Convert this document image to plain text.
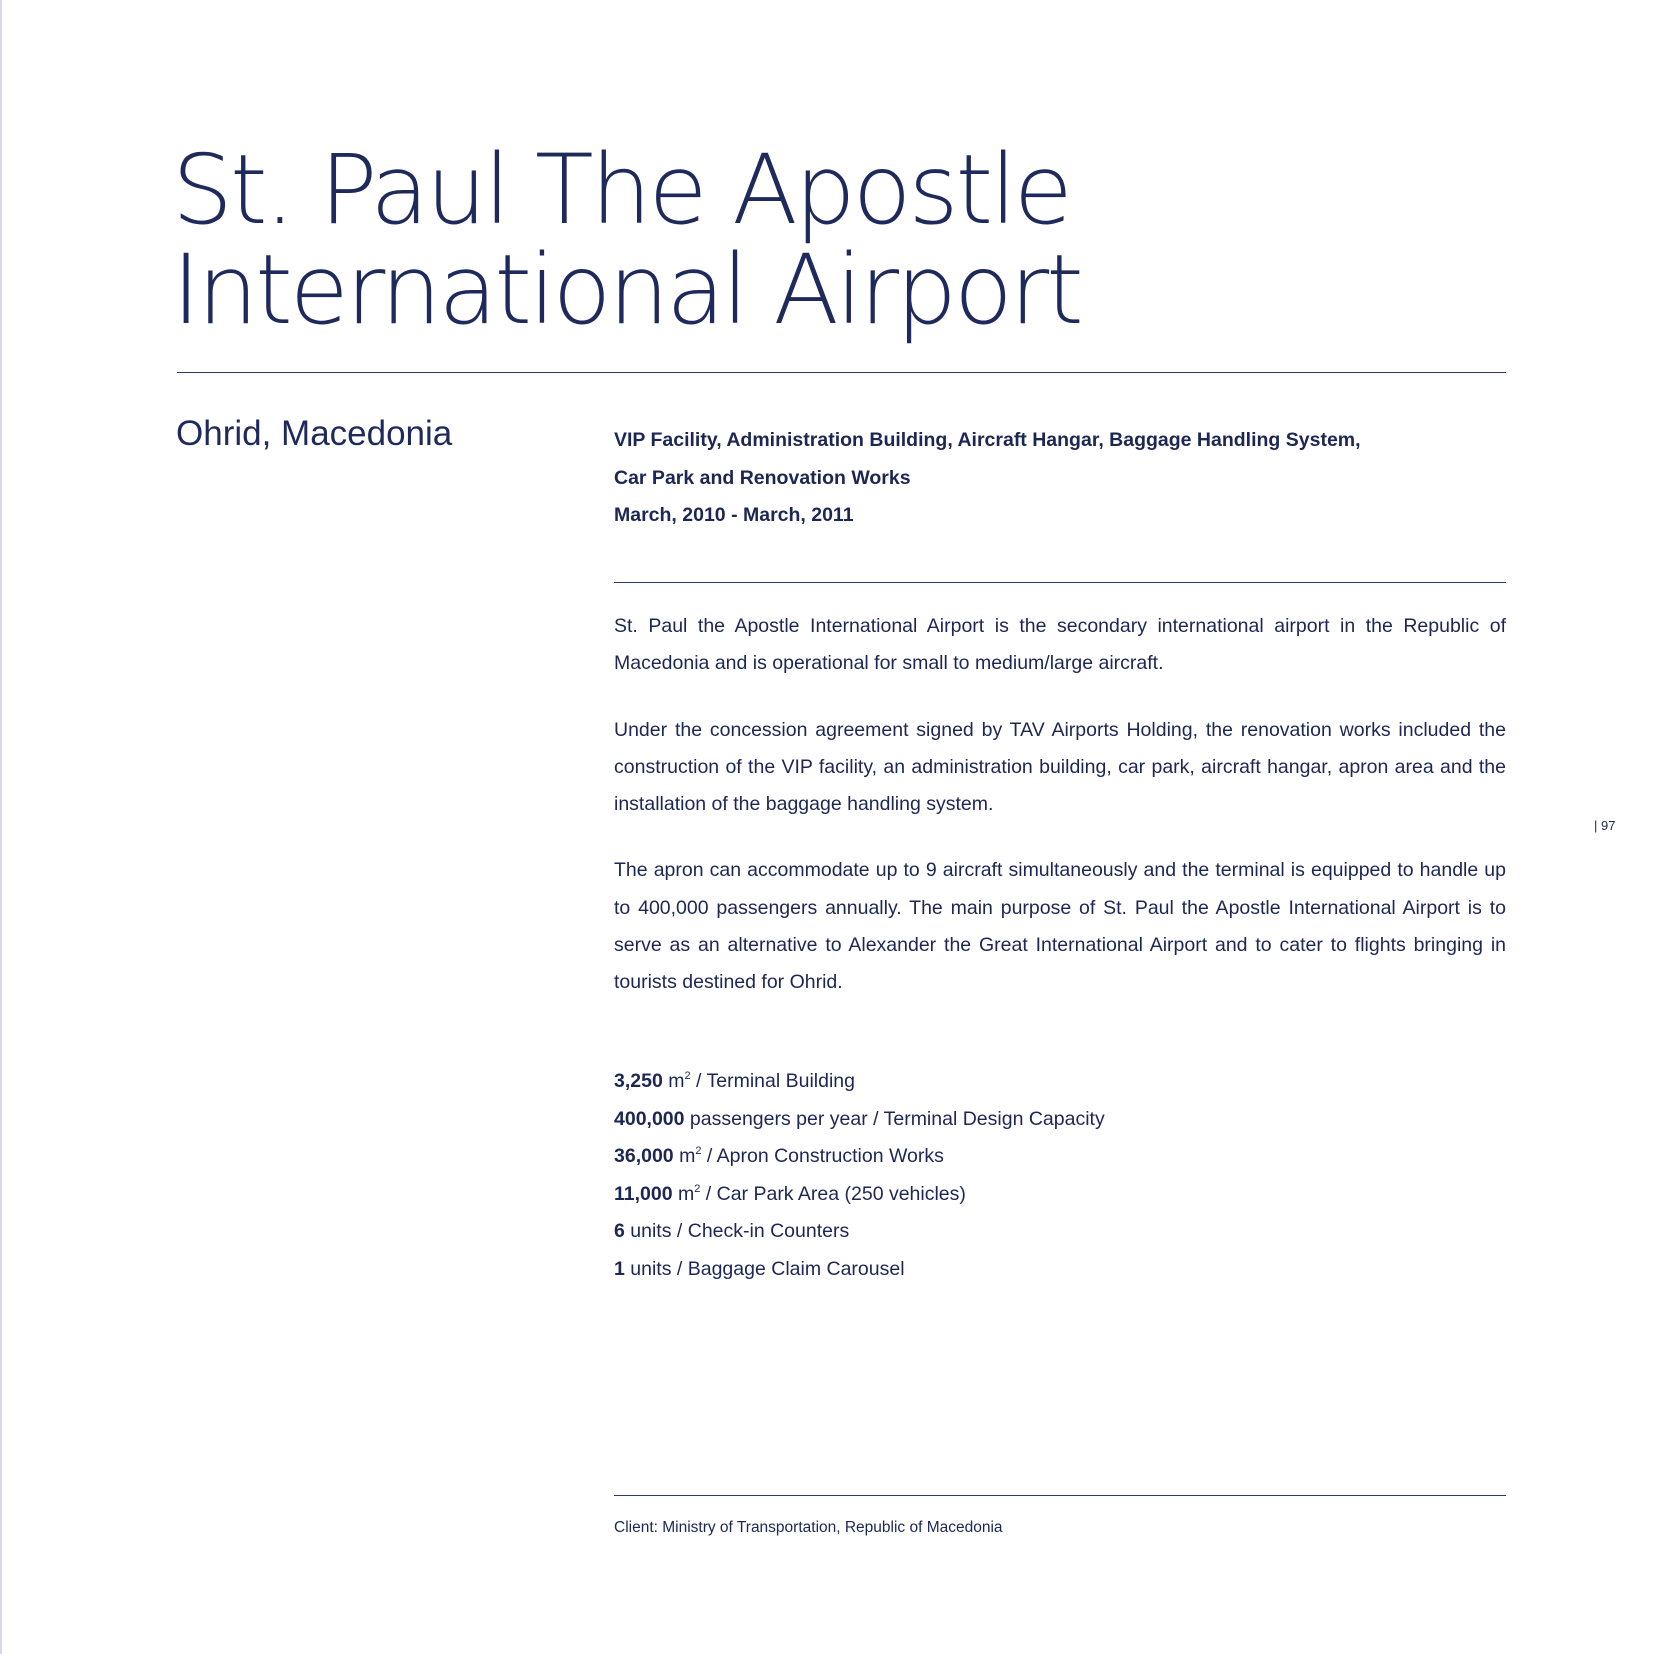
St. Paul The Apostle
International Airport
Ohrid, Macedonia	VIP Facility, Administration Building, Aircraft Hangar, Baggage Handling System,
Car Park and Renovation Works
March, 2010 - March, 2011

St. Paul the Apostle International Airport is the secondary international airport in the Republic of Macedonia and is operational for small to medium/large aircraft.

Under the concession agreement signed by TAV Airports Holding, the renovation works included the construction of the VIP facility, an administration building, car park, aircraft hangar, apron area and the installation of the baggage handling system.

The apron can accommodate up to 9 aircraft simultaneously and the terminal is equipped to handle up to 400,000 passengers annually. The main purpose of St. Paul the Apostle International Airport is to serve as an alternative to Alexander the Great International Airport and to cater to flights bringing in tourists destined for Ohrid.

3,250 $m^2$ / Terminal Building
400,000 passengers per year / Terminal Design Capacity
36,000 $m^2$ / Apron Construction Works
11,000 $m^2$ / Car Park Area (250 vehicles)
6 units / Check-in Counters
1 units / Baggage Claim Carousel
Client: Ministry of Transportation, Republic of Macedonia
| 97
